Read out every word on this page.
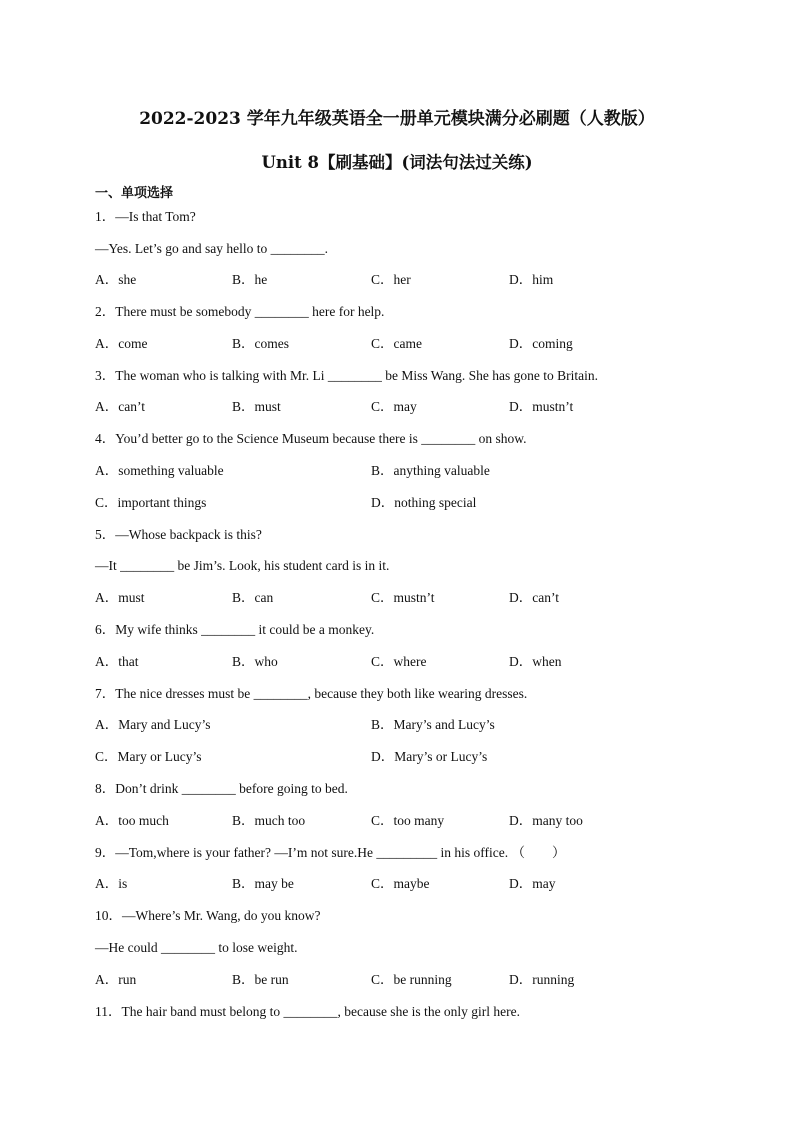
2022-2023 学年九年级英语全一册单元模块满分必刷题（人教版）
Unit 8【刷基础】(词法句法过关练)
一、单项选择
1．—Is that Tom?
—Yes. Let’s go and say hello to ________.
A．she	B．he	C．her	D．him
2．There must be somebody ________ here for help.
A．come	B．comes	C．came	D．coming
3．The woman who is talking with Mr. Li ________ be Miss Wang. She has gone to Britain.
A．can’t	B．must	C．may	D．mustn’t
4．You’d better go to the Science Museum because there is ________ on show.
A．something valuable	B．anything valuable
C．important things	D．nothing special
5．—Whose backpack is this?
—It ________ be Jim’s. Look, his student card is in it.
A．must	B．can	C．mustn’t	D．can’t
6．My wife thinks ________ it could be a monkey.
A．that	B．who	C．where	D．when
7．The nice dresses must be ________, because they both like wearing dresses.
A．Mary and Lucy’s	B．Mary’s and Lucy’s
C．Mary or Lucy’s	D．Mary’s or Lucy’s
8．Don’t drink ________ before going to bed.
A．too much	B．much too	C．too many	D．many too
9．—Tom,where is your father? —I’m not sure.He _________ in his office. （　　）
A．is	B．may be	C．maybe	D．may
10．—Where’s Mr. Wang, do you know?
—He could ________ to lose weight.
A．run	B．be run	C．be running	D．running
11．The hair band must belong to ________, because she is the only girl here.
